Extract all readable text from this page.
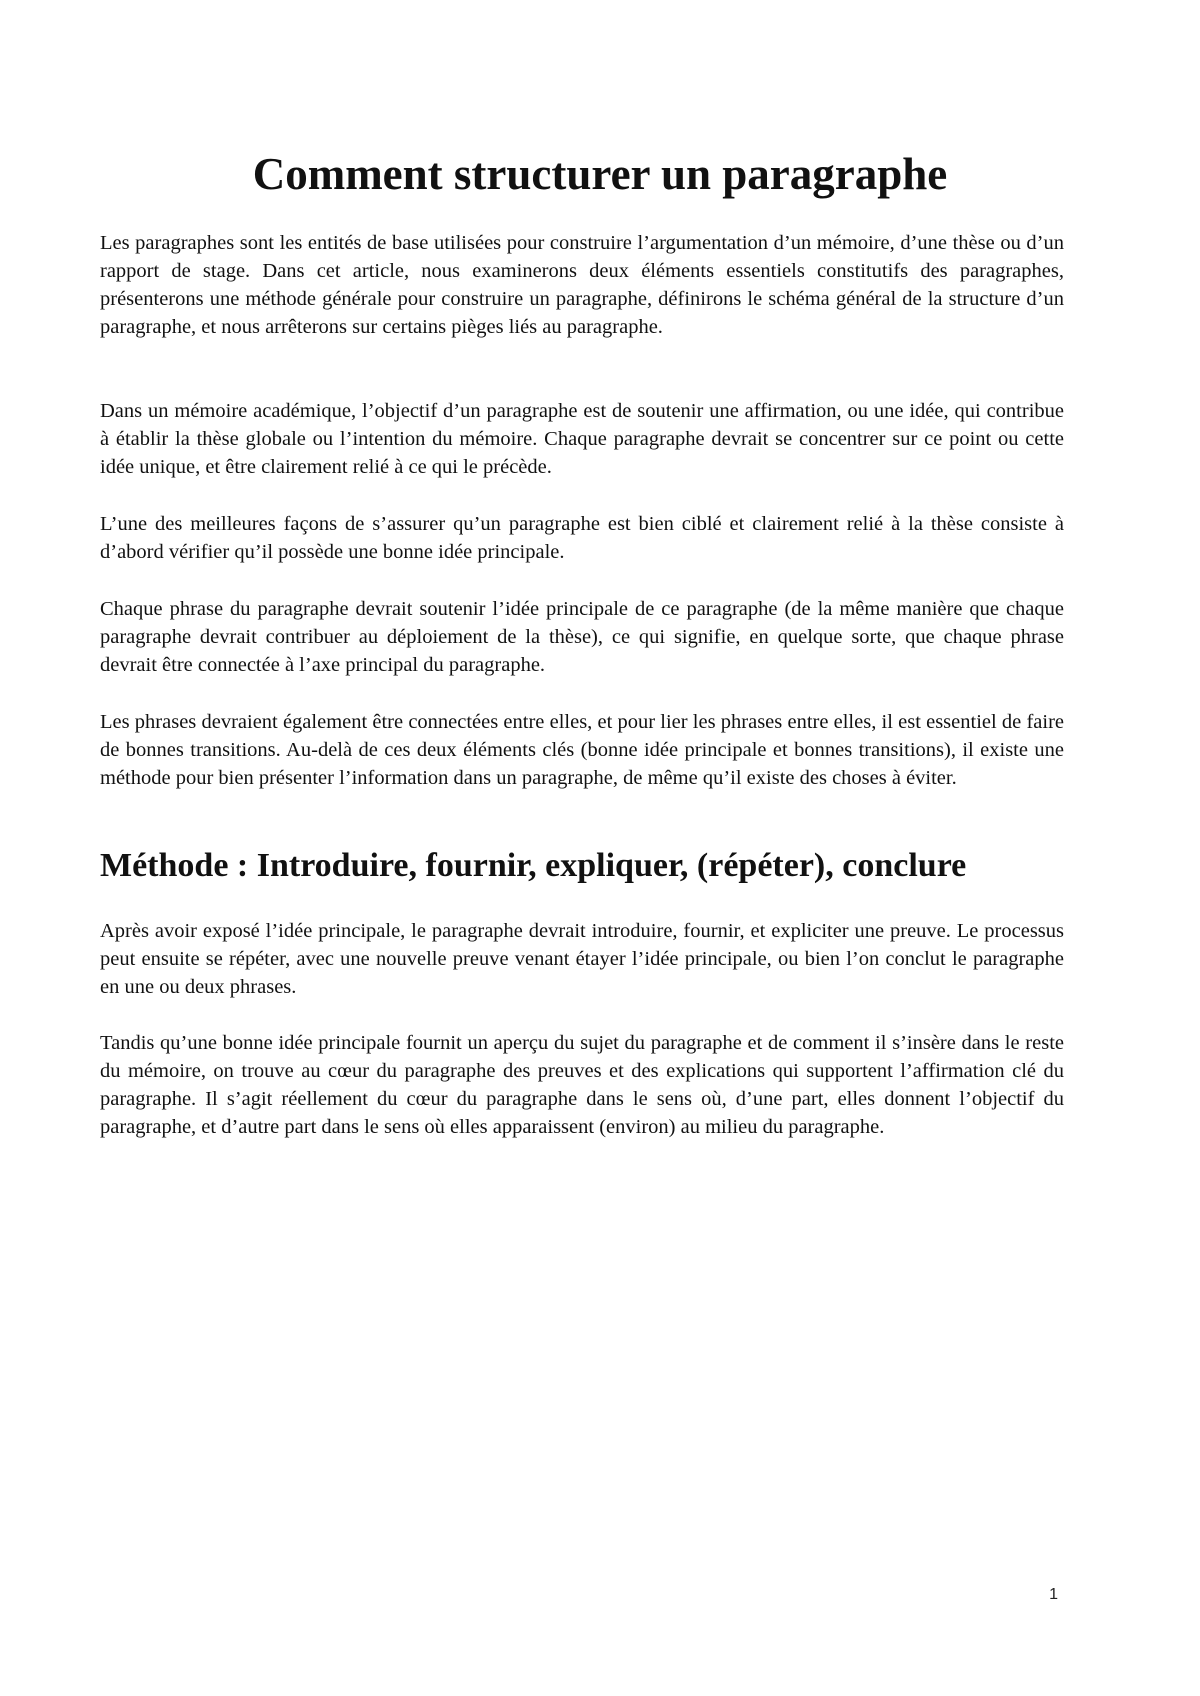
Comment structurer un paragraphe

Les paragraphes sont les entités de base utilisées pour construire l’argumentation d’un mémoire, d’une thèse ou d’un rapport de stage. Dans cet article, nous examinerons deux éléments essentiels constitutifs des paragraphes, présenterons une méthode générale pour construire un paragraphe, définirons le schéma général de la structure d’un paragraphe, et nous arrêterons sur certains pièges liés au paragraphe.

Dans un mémoire académique, l’objectif d’un paragraphe est de soutenir une affirmation, ou une idée, qui contribue à établir la thèse globale ou l’intention du mémoire. Chaque paragraphe devrait se concentrer sur ce point ou cette idée unique, et être clairement relié à ce qui le précède.

L’une des meilleures façons de s’assurer qu’un paragraphe est bien ciblé et clairement relié à la thèse consiste à d’abord vérifier qu’il possède une bonne idée principale.

Chaque phrase du paragraphe devrait soutenir l’idée principale de ce paragraphe (de la même manière que chaque paragraphe devrait contribuer au déploiement de la thèse), ce qui signifie, en quelque sorte, que chaque phrase devrait être connectée à l’axe principal du paragraphe.

Les phrases devraient également être connectées entre elles, et pour lier les phrases entre elles, il est essentiel de faire de bonnes transitions. Au-delà de ces deux éléments clés (bonne idée principale et bonnes transitions), il existe une méthode pour bien présenter l’information dans un paragraphe, de même qu’il existe des choses à éviter.

Méthode : Introduire, fournir, expliquer, (répéter), conclure

Après avoir exposé l’idée principale, le paragraphe devrait introduire, fournir, et expliciter une preuve. Le processus peut ensuite se répéter, avec une nouvelle preuve venant étayer l’idée principale, ou bien l’on conclut le paragraphe en une ou deux phrases.

Tandis qu’une bonne idée principale fournit un aperçu du sujet du paragraphe et de comment il s’insère dans le reste du mémoire, on trouve au cœur du paragraphe des preuves et des explications qui supportent l’affirmation clé du paragraphe. Il s’agit réellement du cœur du paragraphe dans le sens où, d’une part, elles donnent l’objectif du paragraphe, et d’autre part dans le sens où elles apparaissent (environ) au milieu du paragraphe.

1
